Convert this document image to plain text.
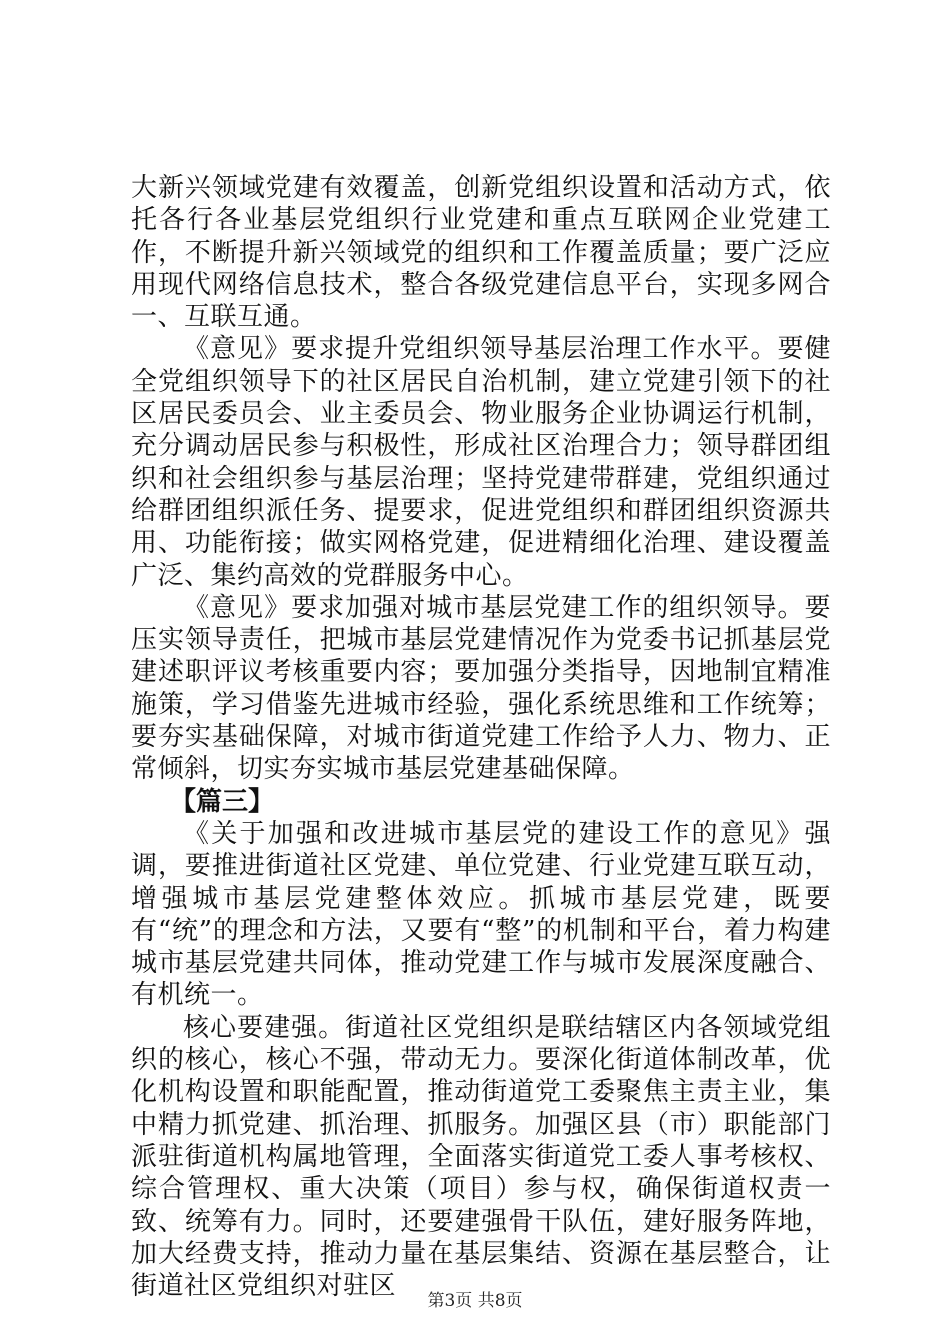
大新兴领域党建有效覆盖，创新党组织设置和活动方式，依托各行各业基层党组织行业党建和重点互联网企业党建工作，不断提升新兴领域党的组织和工作覆盖质量；要广泛应用现代网络信息技术，整合各级党建信息平台，实现多网合一、互联互通。

《意见》要求提升党组织领导基层治理工作水平。要健全党组织领导下的社区居民自治机制，建立党建引领下的社区居民委员会、业主委员会、物业服务企业协调运行机制，充分调动居民参与积极性，形成社区治理合力；领导群团组织和社会组织参与基层治理；坚持党建带群建，党组织通过给群团组织派任务、提要求，促进党组织和群团组织资源共用、功能衔接；做实网格党建，促进精细化治理、建设覆盖广泛、集约高效的党群服务中心。

《意见》要求加强对城市基层党建工作的组织领导。要压实领导责任，把城市基层党建情况作为党委书记抓基层党建述职评议考核重要内容；要加强分类指导，因地制宜精准施策，学习借鉴先进城市经验，强化系统思维和工作统筹；要夯实基础保障，对城市街道党建工作给予人力、物力、正常倾斜，切实夯实城市基层党建基础保障。

【篇三】

《关于加强和改进城市基层党的建设工作的意见》强调，要推进街道社区党建、单位党建、行业党建互联互动，增强城市基层党建整体效应。抓城市基层党建，既要有“统”的理念和方法，又要有“整”的机制和平台，着力构建城市基层党建共同体，推动党建工作与城市发展深度融合、有机统一。

核心要建强。街道社区党组织是联结辖区内各领域党组织的核心，核心不强，带动无力。要深化街道体制改革，优化机构设置和职能配置，推动街道党工委聚焦主责主业，集中精力抓党建、抓治理、抓服务。加强区县（市）职能部门派驻街道机构属地管理，全面落实街道党工委人事考核权、综合管理权、重大决策（项目）参与权，确保街道权责一致、统筹有力。同时，还要建强骨干队伍，建好服务阵地，加大经费支持，推动力量在基层集结、资源在基层整合，让街道社区党组织对驻区	第3页 共8页
